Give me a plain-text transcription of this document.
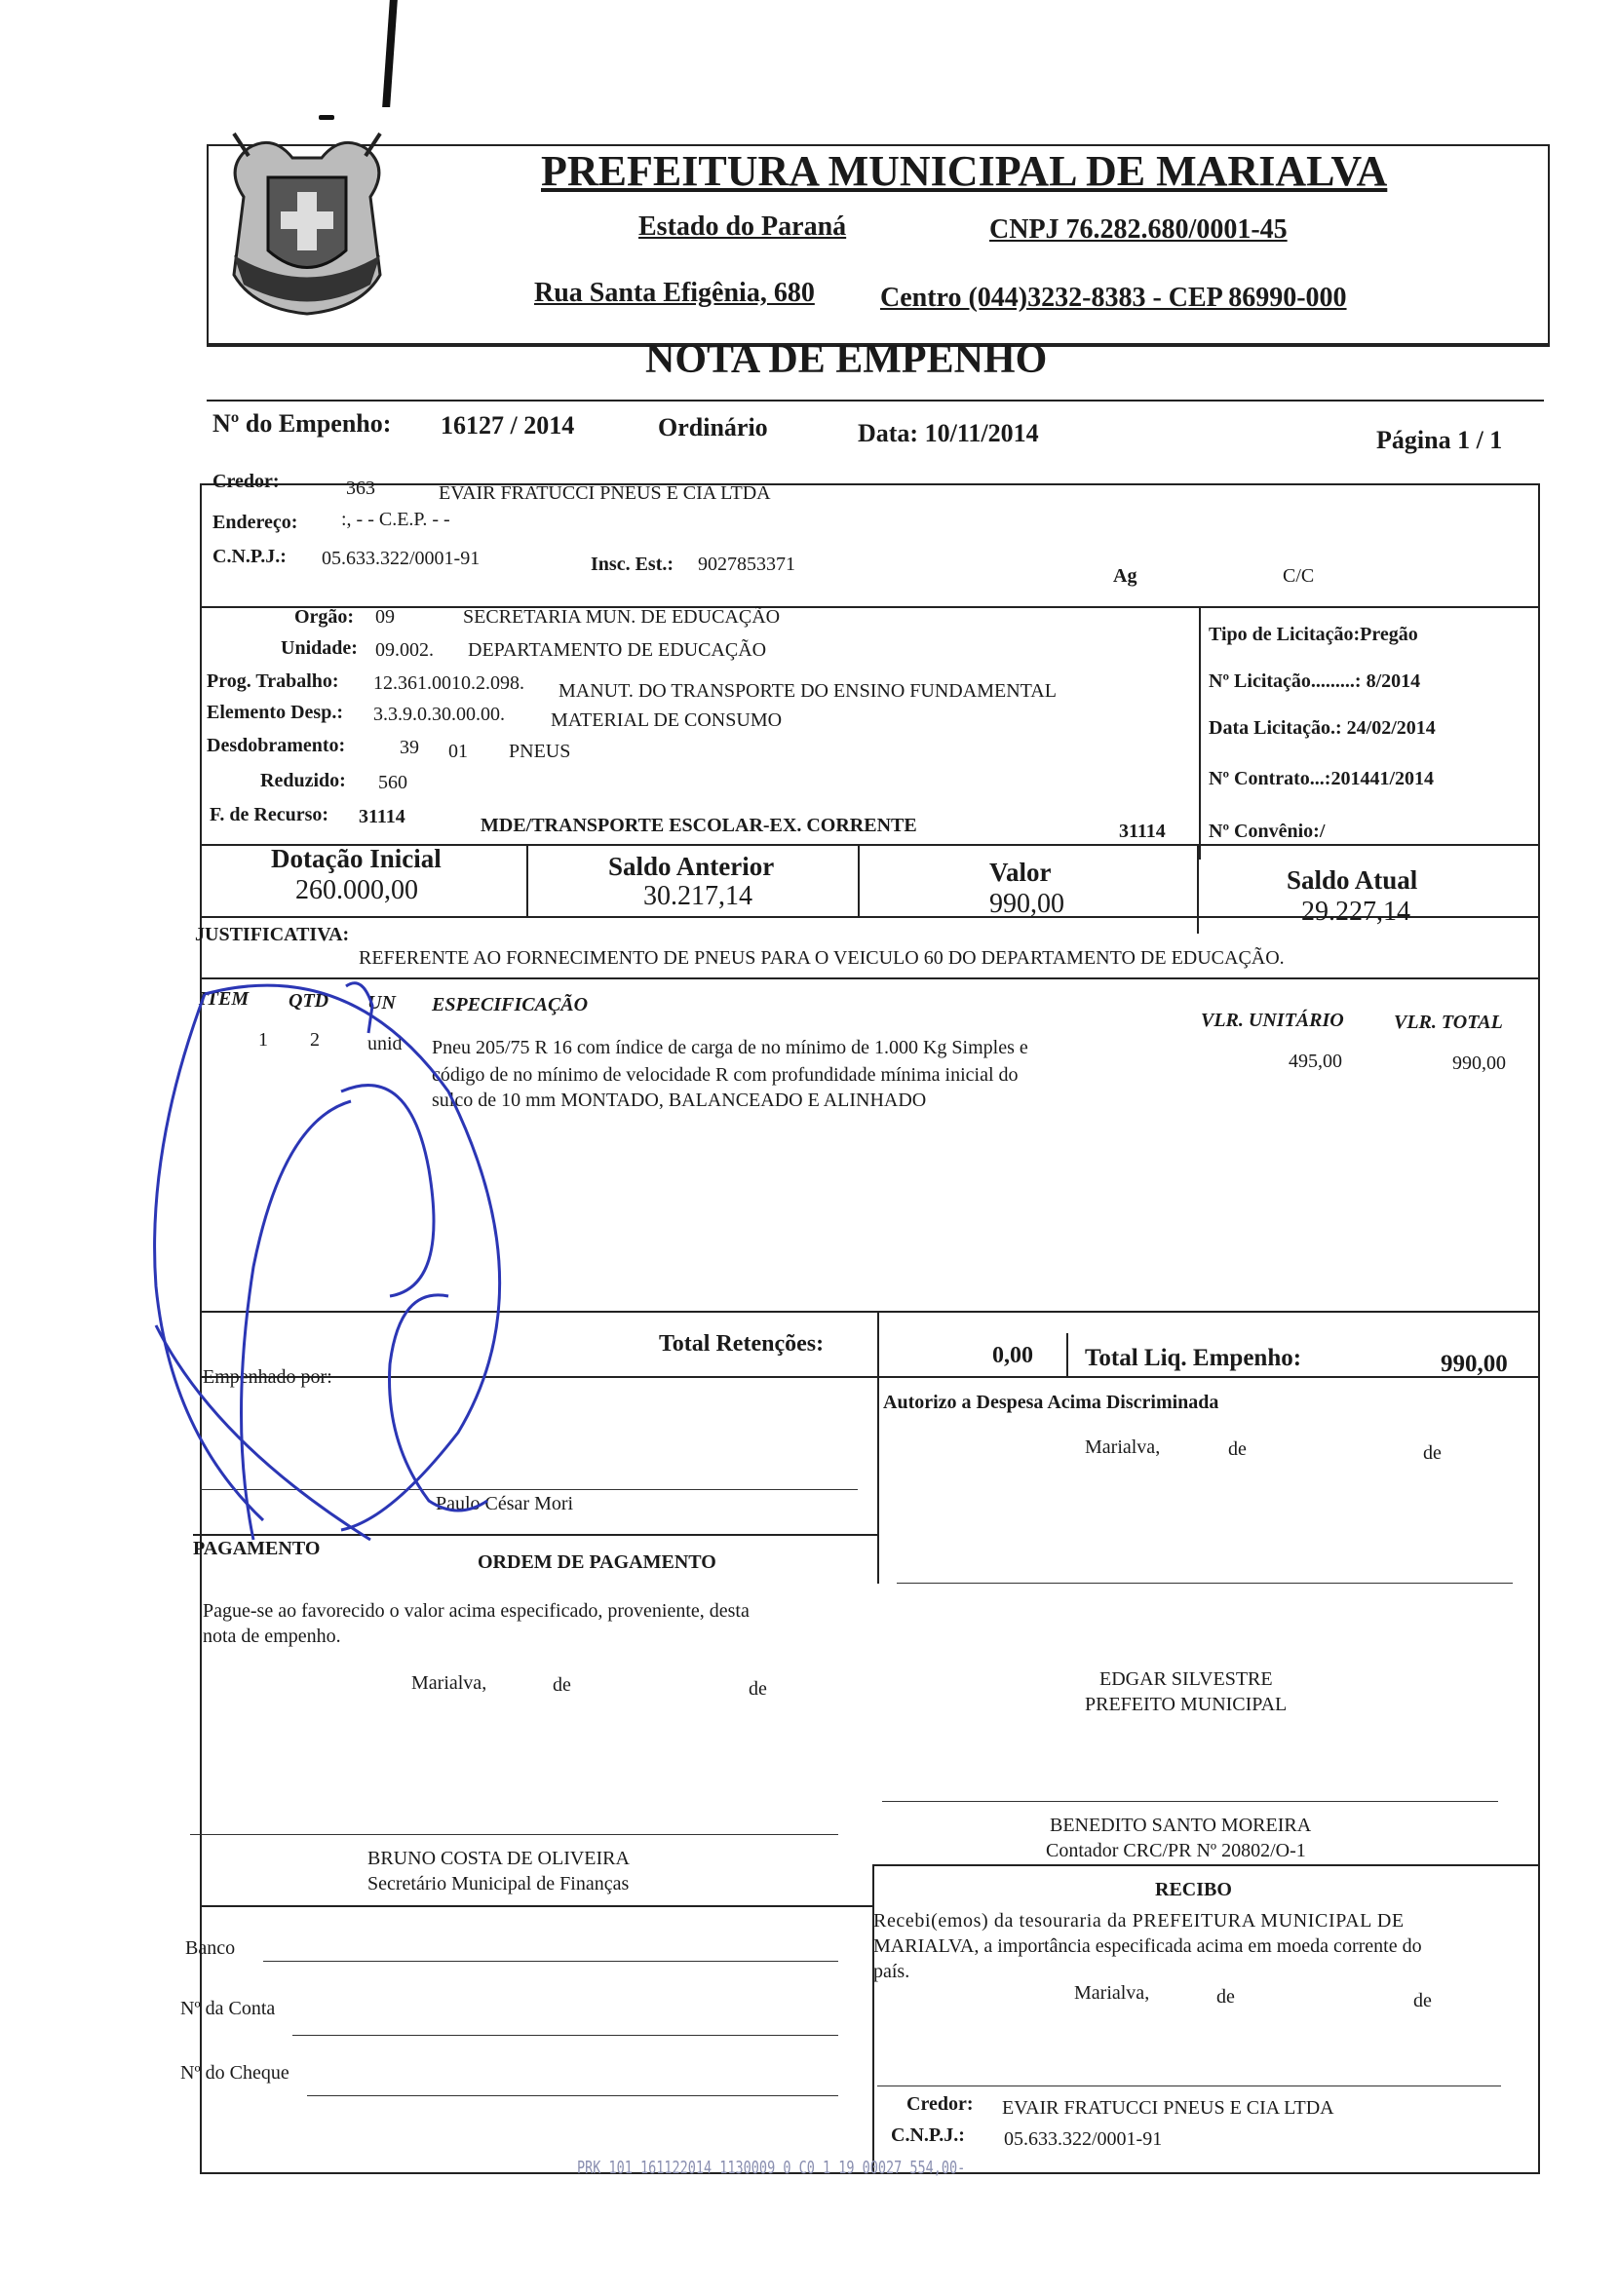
PREFEITURA MUNICIPAL DE MARIALVA
Estado do Paraná	CNPJ 76.282.680/0001-45
Rua Santa Efigênia, 680 Centro (044)3232-8383 - CEP 86990-000
NOTA DE EMPENHO
Nº do Empenho: 16127 / 2014	Ordinário	Data: 10/11/2014	Página 1 / 1
Credor:	363	EVAIR FRATUCCI PNEUS E CIA LTDA
Endereço: :, - - C.E.P. - -
C.N.P.J.: 05.633.322/0001-91	Insc. Est.: 9027853371
Ag	C/C
Orgão: 09	SECRETARIA MUN. DE EDUCAÇÃO
Unidade: 09.002. DEPARTAMENTO DE EDUCAÇÃO
Prog. Trabalho: 12.361.0010.2.098. MANUT. DO TRANSPORTE DO ENSINO FUNDAMENTAL
Elemento Desp.: 3.3.9.0.30.00.00. MATERIAL DE CONSUMO
Desdobramento:	39 01 PNEUS
Reduzido: 560
F. de Recurso: 31114	MDE/TRANSPORTE ESCOLAR-EX. CORRENTE	31114
Tipo de Licitação:Pregão
Nº Licitação.........: 8/2014
Data Licitação.: 24/02/2014
Nº Contrato...:201441/2014
Nº Convênio:/
Dotação Inicial
260.000,00
Saldo Anterior
30.217,14
Valor
990,00
Saldo Atual
29.227,14
JUSTIFICATIVA:
REFERENTE AO FORNECIMENTO DE PNEUS PARA O VEICULO 60 DO DEPARTAMENTO DE EDUCAÇÃO.
ITEM QTD UN ESPECIFICAÇÃO
VLR. UNITÁRIO	VLR. TOTAL
1 2 unid Pneu 205/75 R 16 com índice de carga de no mínimo de 1.000 Kg Simples e
código de no mínimo de velocidade R com profundidade mínima inicial do
sulco de 10 mm MONTADO, BALANCEADO E ALINHADO
495,00	990,00
Total Retenções:	0,00 Total Liq. Empenho:	990,00
Empenhado por:
Paulo César Mori
Autorizo a Despesa Acima Discriminada
Marialva,	de	de
PAGAMENTO
ORDEM DE PAGAMENTO
Pague-se ao favorecido o valor acima especificado, proveniente, desta
nota de empenho.
Marialva,	de	de	EDGAR SILVESTRE
PREFEITO MUNICIPAL
BRUNO COSTA DE OLIVEIRA
Secretário Municipal de Finanças
BENEDITO SANTO MOREIRA
Contador CRC/PR Nº 20802/O-1
Banco
Nº da Conta
Nº do Cheque
RECIBO
Recebi(emos) da tesouraria da PREFEITURA MUNICIPAL DE
MARIALVA, a importância especificada acima em moeda corrente do
país.
Marialva,	de	de
Credor: EVAIR FRATUCCI PNEUS E CIA LTDA
C.N.P.J.: 05.633.322/0001-91
PRK 101 161122014 1130009 0 C0 1 19 00027 554,00-
